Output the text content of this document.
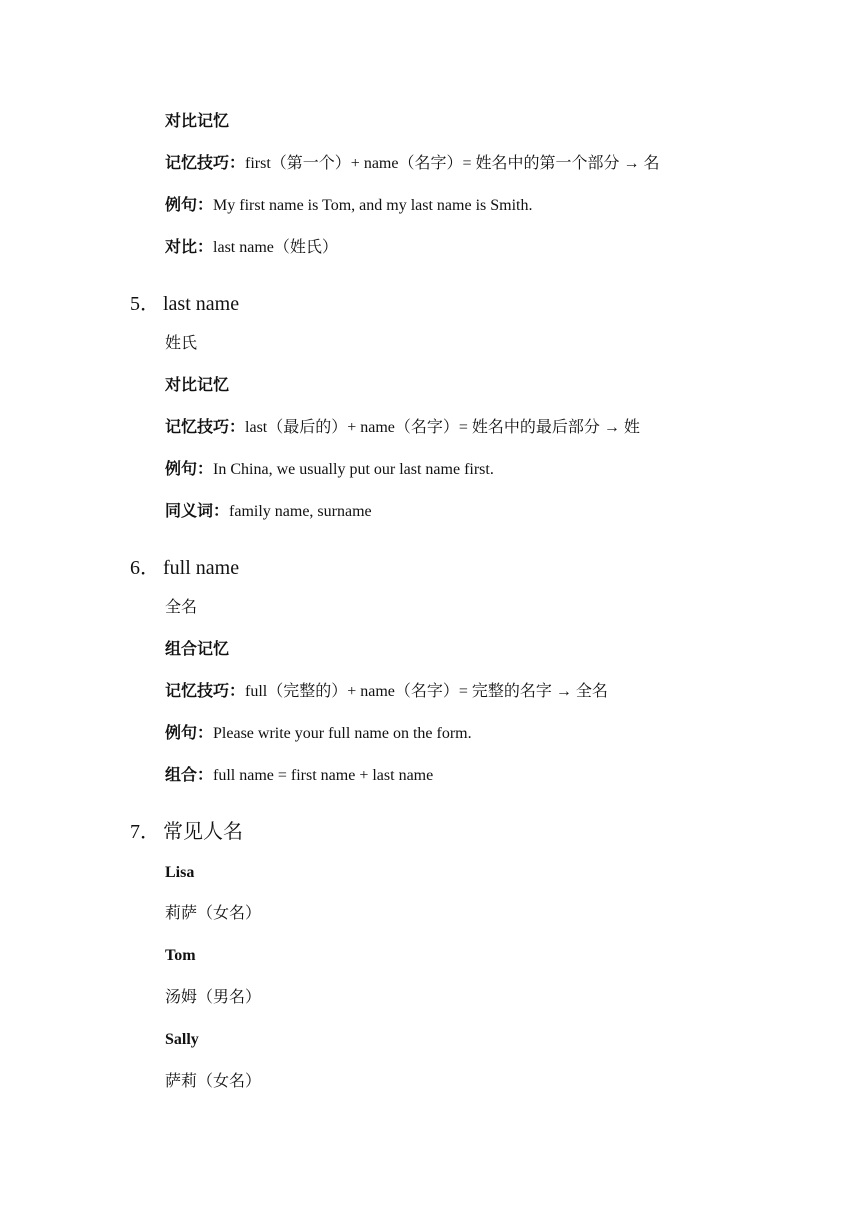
对比记忆
记忆技巧：first（第一个）+ name（名字）= 姓名中的第一个部分 → 名
例句：My first name is Tom, and my last name is Smith.
对比：last name（姓氏）
5． last name
姓氏
对比记忆
记忆技巧：last（最后的）+ name（名字）= 姓名中的最后部分 → 姓
例句：In China, we usually put our last name first.
同义词：family name, surname
6． full name
全名
组合记忆
记忆技巧：full（完整的）+ name（名字）= 完整的名字 → 全名
例句：Please write your full name on the form.
组合：full name = first name + last name
7． 常见人名
Lisa
莉萨（女名）
Tom
汤姆（男名）
Sally
萨莉（女名）
